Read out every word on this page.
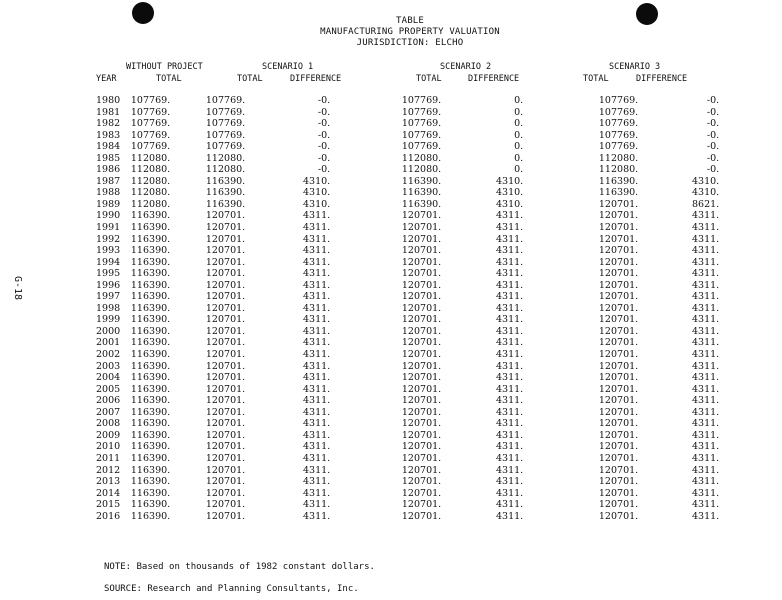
TABLE
MANUFACTURING PROPERTY VALUATION
JURISDICTION: ELCHO
G-18
WITHOUT PROJECT	SCENARIO 1	SCENARIO 2	SCENARIO 3
YEAR	TOTAL	TOTAL	DIFFERENCE	TOTAL	DIFFERENCE	TOTAL	DIFFERENCE
1980	107769.	107769.	-0.	107769.	0.	107769.	-0.
1981	107769.	107769.	-0.	107769.	0.	107769.	-0.
1982	107769.	107769.	-0.	107769.	0.	107769.	-0.
1983	107769.	107769.	-0.	107769.	0.	107769.	-0.
1984	107769.	107769.	-0.	107769.	0.	107769.	-0.
1985	112080.	112080.	-0.	112080.	0.	112080.	-0.
1986	112080.	112080.	-0.	112080.	0.	112080.	-0.
1987	112080.	116390.	4310.	116390.	4310.	116390.	4310.
1988	112080.	116390.	4310.	116390.	4310.	116390.	4310.
1989	112080.	116390.	4310.	116390.	4310.	120701.	8621.
1990	116390.	120701.	4311.	120701.	4311.	120701.	4311.
1991	116390.	120701.	4311.	120701.	4311.	120701.	4311.
1992	116390.	120701.	4311.	120701.	4311.	120701.	4311.
1993	116390.	120701.	4311.	120701.	4311.	120701.	4311.
1994	116390.	120701.	4311.	120701.	4311.	120701.	4311.
1995	116390.	120701.	4311.	120701.	4311.	120701.	4311.
1996	116390.	120701.	4311.	120701.	4311.	120701.	4311.
1997	116390.	120701.	4311.	120701.	4311.	120701.	4311.
1998	116390.	120701.	4311.	120701.	4311.	120701.	4311.
1999	116390.	120701.	4311.	120701.	4311.	120701.	4311.
2000	116390.	120701.	4311.	120701.	4311.	120701.	4311.
2001	116390.	120701.	4311.	120701.	4311.	120701.	4311.
2002	116390.	120701.	4311.	120701.	4311.	120701.	4311.
2003	116390.	120701.	4311.	120701.	4311.	120701.	4311.
2004	116390.	120701.	4311.	120701.	4311.	120701.	4311.
2005	116390.	120701.	4311.	120701.	4311.	120701.	4311.
2006	116390.	120701.	4311.	120701.	4311.	120701.	4311.
2007	116390.	120701.	4311.	120701.	4311.	120701.	4311.
2008	116390.	120701.	4311.	120701.	4311.	120701.	4311.
2009	116390.	120701.	4311.	120701.	4311.	120701.	4311.
2010	116390.	120701.	4311.	120701.	4311.	120701.	4311.
2011	116390.	120701.	4311.	120701.	4311.	120701.	4311.
2012	116390.	120701.	4311.	120701.	4311.	120701.	4311.
2013	116390.	120701.	4311.	120701.	4311.	120701.	4311.
2014	116390.	120701.	4311.	120701.	4311.	120701.	4311.
2015	116390.	120701.	4311.	120701.	4311.	120701.	4311.
2016	116390.	120701.	4311.	120701.	4311.	120701.	4311.
NOTE: Based on thousands of 1982 constant dollars.
SOURCE: Research and Planning Consultants, Inc.
